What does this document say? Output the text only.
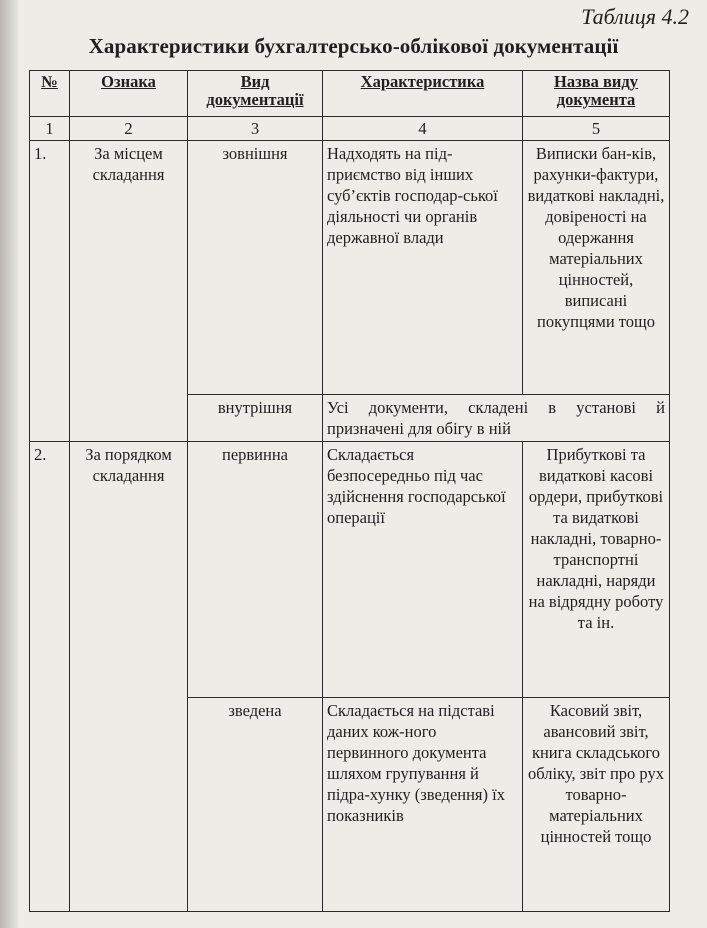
Таблиця 4.2
Характеристики бухгалтерсько-облікової документації
№	Ознака	Вид документації	Характеристика	Назва виду документа
1	2	3	4	5
1.	За місцем складання	зовнішня	Надходять на під-приємство від інших суб’єктів господар-ської діяльності чи органів державної влади	Виписки бан-ків, рахунки-фактури, видаткові накладні, довіреності на одержання матеріальних цінностей, виписані покупцями тощо
		внутрішня	Усі документи, складені в установі й призначені для обігу в ній	
2.	За порядком складання	первинна	Складається безпосередньо під час здійснення господарської операції	Прибуткові та видаткові касові ордери, прибуткові та видаткові накладні, товарно-транспортні накладні, наряди на відрядну роботу та ін.
		зведена	Складається на підставі даних кож-ного первинного документа шляхом групування й підра-хунку (зведення) їх показників	Касовий звіт, авансовий звіт, книга складського обліку, звіт про рух товарно-матеріальних цінностей тощо
